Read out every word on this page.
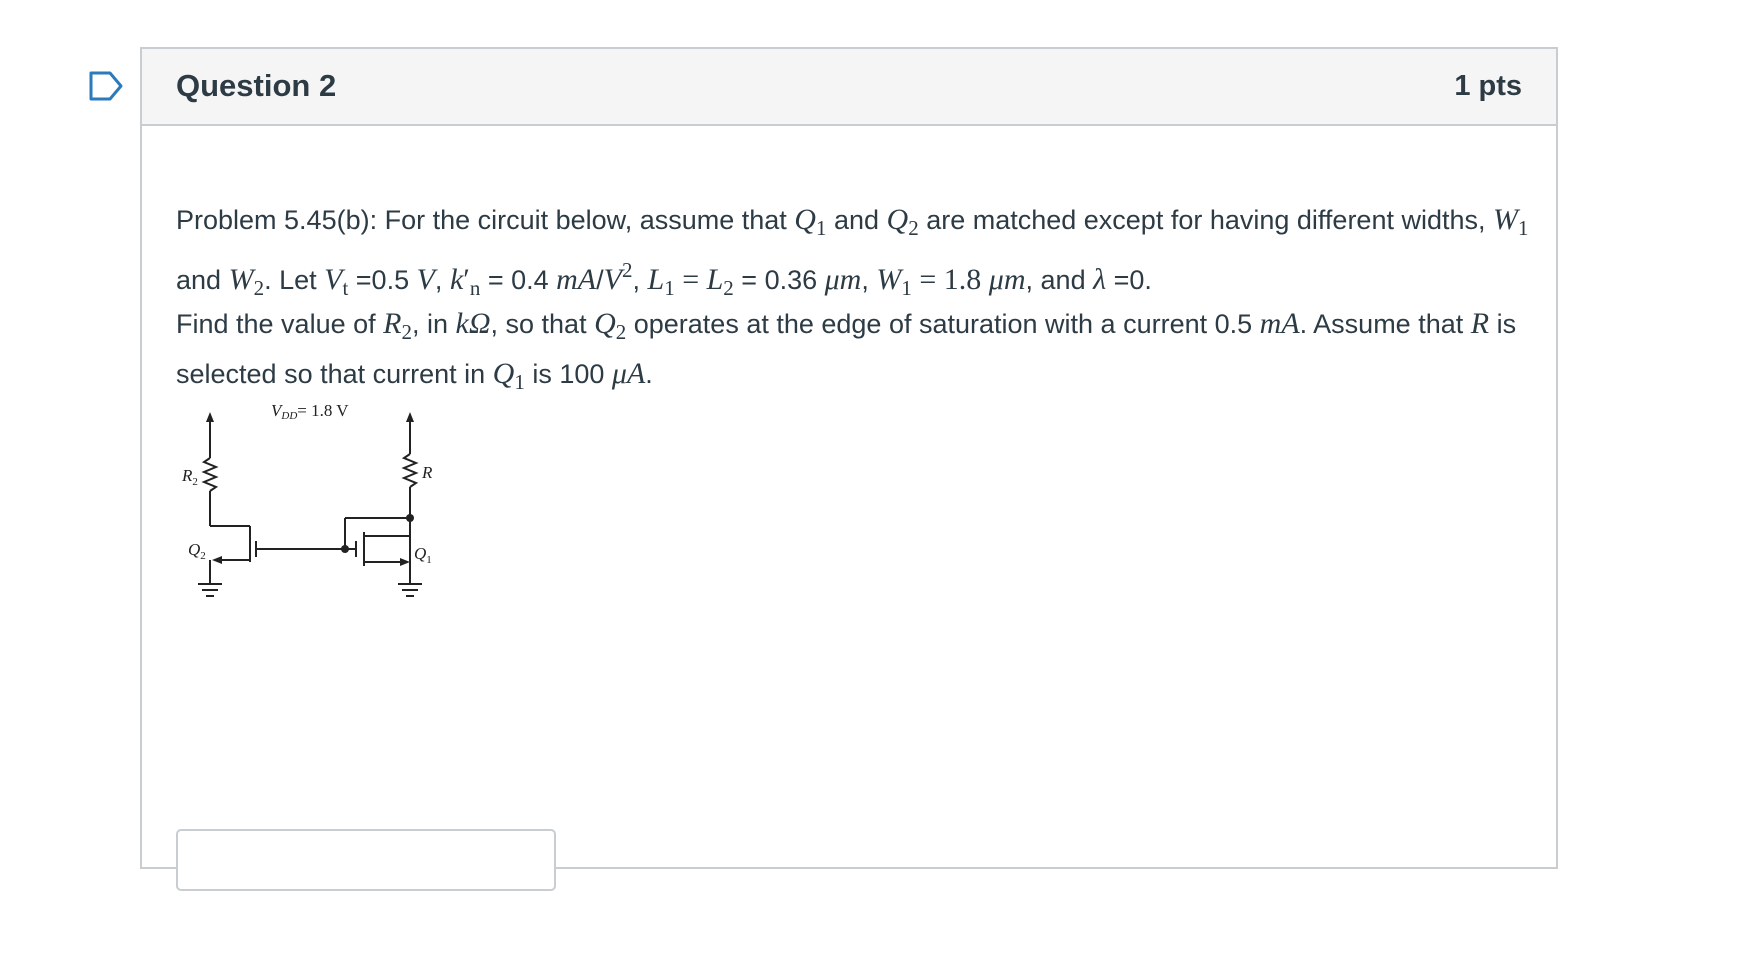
Question 2	1 pts

Problem 5.45(b): For the circuit below, assume that $Q_1$ and $Q_2$ are matched except for having different widths, $W_1$ and $W_2$. Let $V_t =0.5$ V, $k'_n = 0.4$ $mA/V^2$, $L_1 = L_2 = 0.36$ μm, $W_1 = 1.8$ μm, and λ =0.

Find the value of $R_2$, in kΩ, so that $Q_2$ operates at the edge of saturation with a current 0.5 mA. Assume that R is selected so that current in $Q_1$ is 100 μA.

VDD= 1.8 V
$R_2$	R
$Q_2$	$Q_1$
